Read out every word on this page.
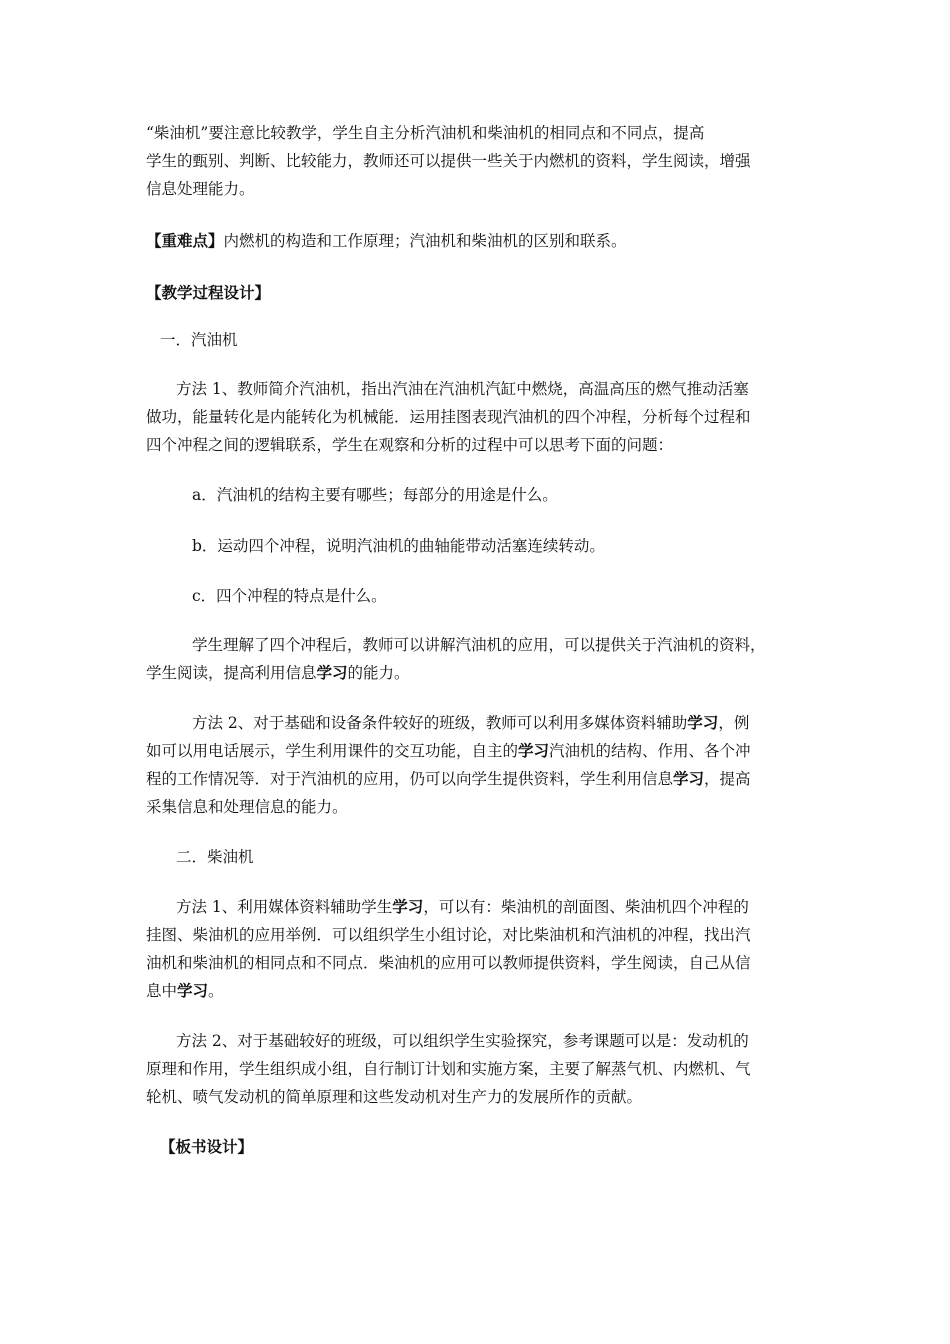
“柴油机”要注意比较教学，学生自主分析汽油机和柴油机的相同点和不同点，提高
学生的甄别、判断、比较能力，教师还可以提供一些关于内燃机的资料，学生阅读，增强
信息处理能力。
【重难点】内燃机的构造和工作原理；汽油机和柴油机的区别和联系。
【教学过程设计】
一．汽油机
方法 1、教师简介汽油机，指出汽油在汽油机汽缸中燃烧，高温高压的燃气推动活塞
做功，能量转化是内能转化为机械能．运用挂图表现汽油机的四个冲程，分析每个过程和
四个冲程之间的逻辑联系，学生在观察和分析的过程中可以思考下面的问题：
a．汽油机的结构主要有哪些；每部分的用途是什么。
b．运动四个冲程，说明汽油机的曲轴能带动活塞连续转动。
c．四个冲程的特点是什么。
学生理解了四个冲程后，教师可以讲解汽油机的应用，可以提供关于汽油机的资料，
学生阅读，提高利用信息学习的能力。
方法 2、对于基础和设备条件较好的班级，教师可以利用多媒体资料辅助学习，例
如可以用电话展示，学生利用课件的交互功能，自主的学习汽油机的结构、作用、各个冲
程的工作情况等．对于汽油机的应用，仍可以向学生提供资料，学生利用信息学习，提高
采集信息和处理信息的能力。
二．柴油机
方法 1、利用媒体资料辅助学生学习，可以有：柴油机的剖面图、柴油机四个冲程的
挂图、柴油机的应用举例．可以组织学生小组讨论，对比柴油机和汽油机的冲程，找出汽
油机和柴油机的相同点和不同点．柴油机的应用可以教师提供资料，学生阅读，自己从信
息中学习。
方法 2、对于基础较好的班级，可以组织学生实验探究，参考课题可以是：发动机的
原理和作用，学生组织成小组，自行制订计划和实施方案，主要了解蒸气机、内燃机、气
轮机、喷气发动机的简单原理和这些发动机对生产力的发展所作的贡献。
【板书设计】
